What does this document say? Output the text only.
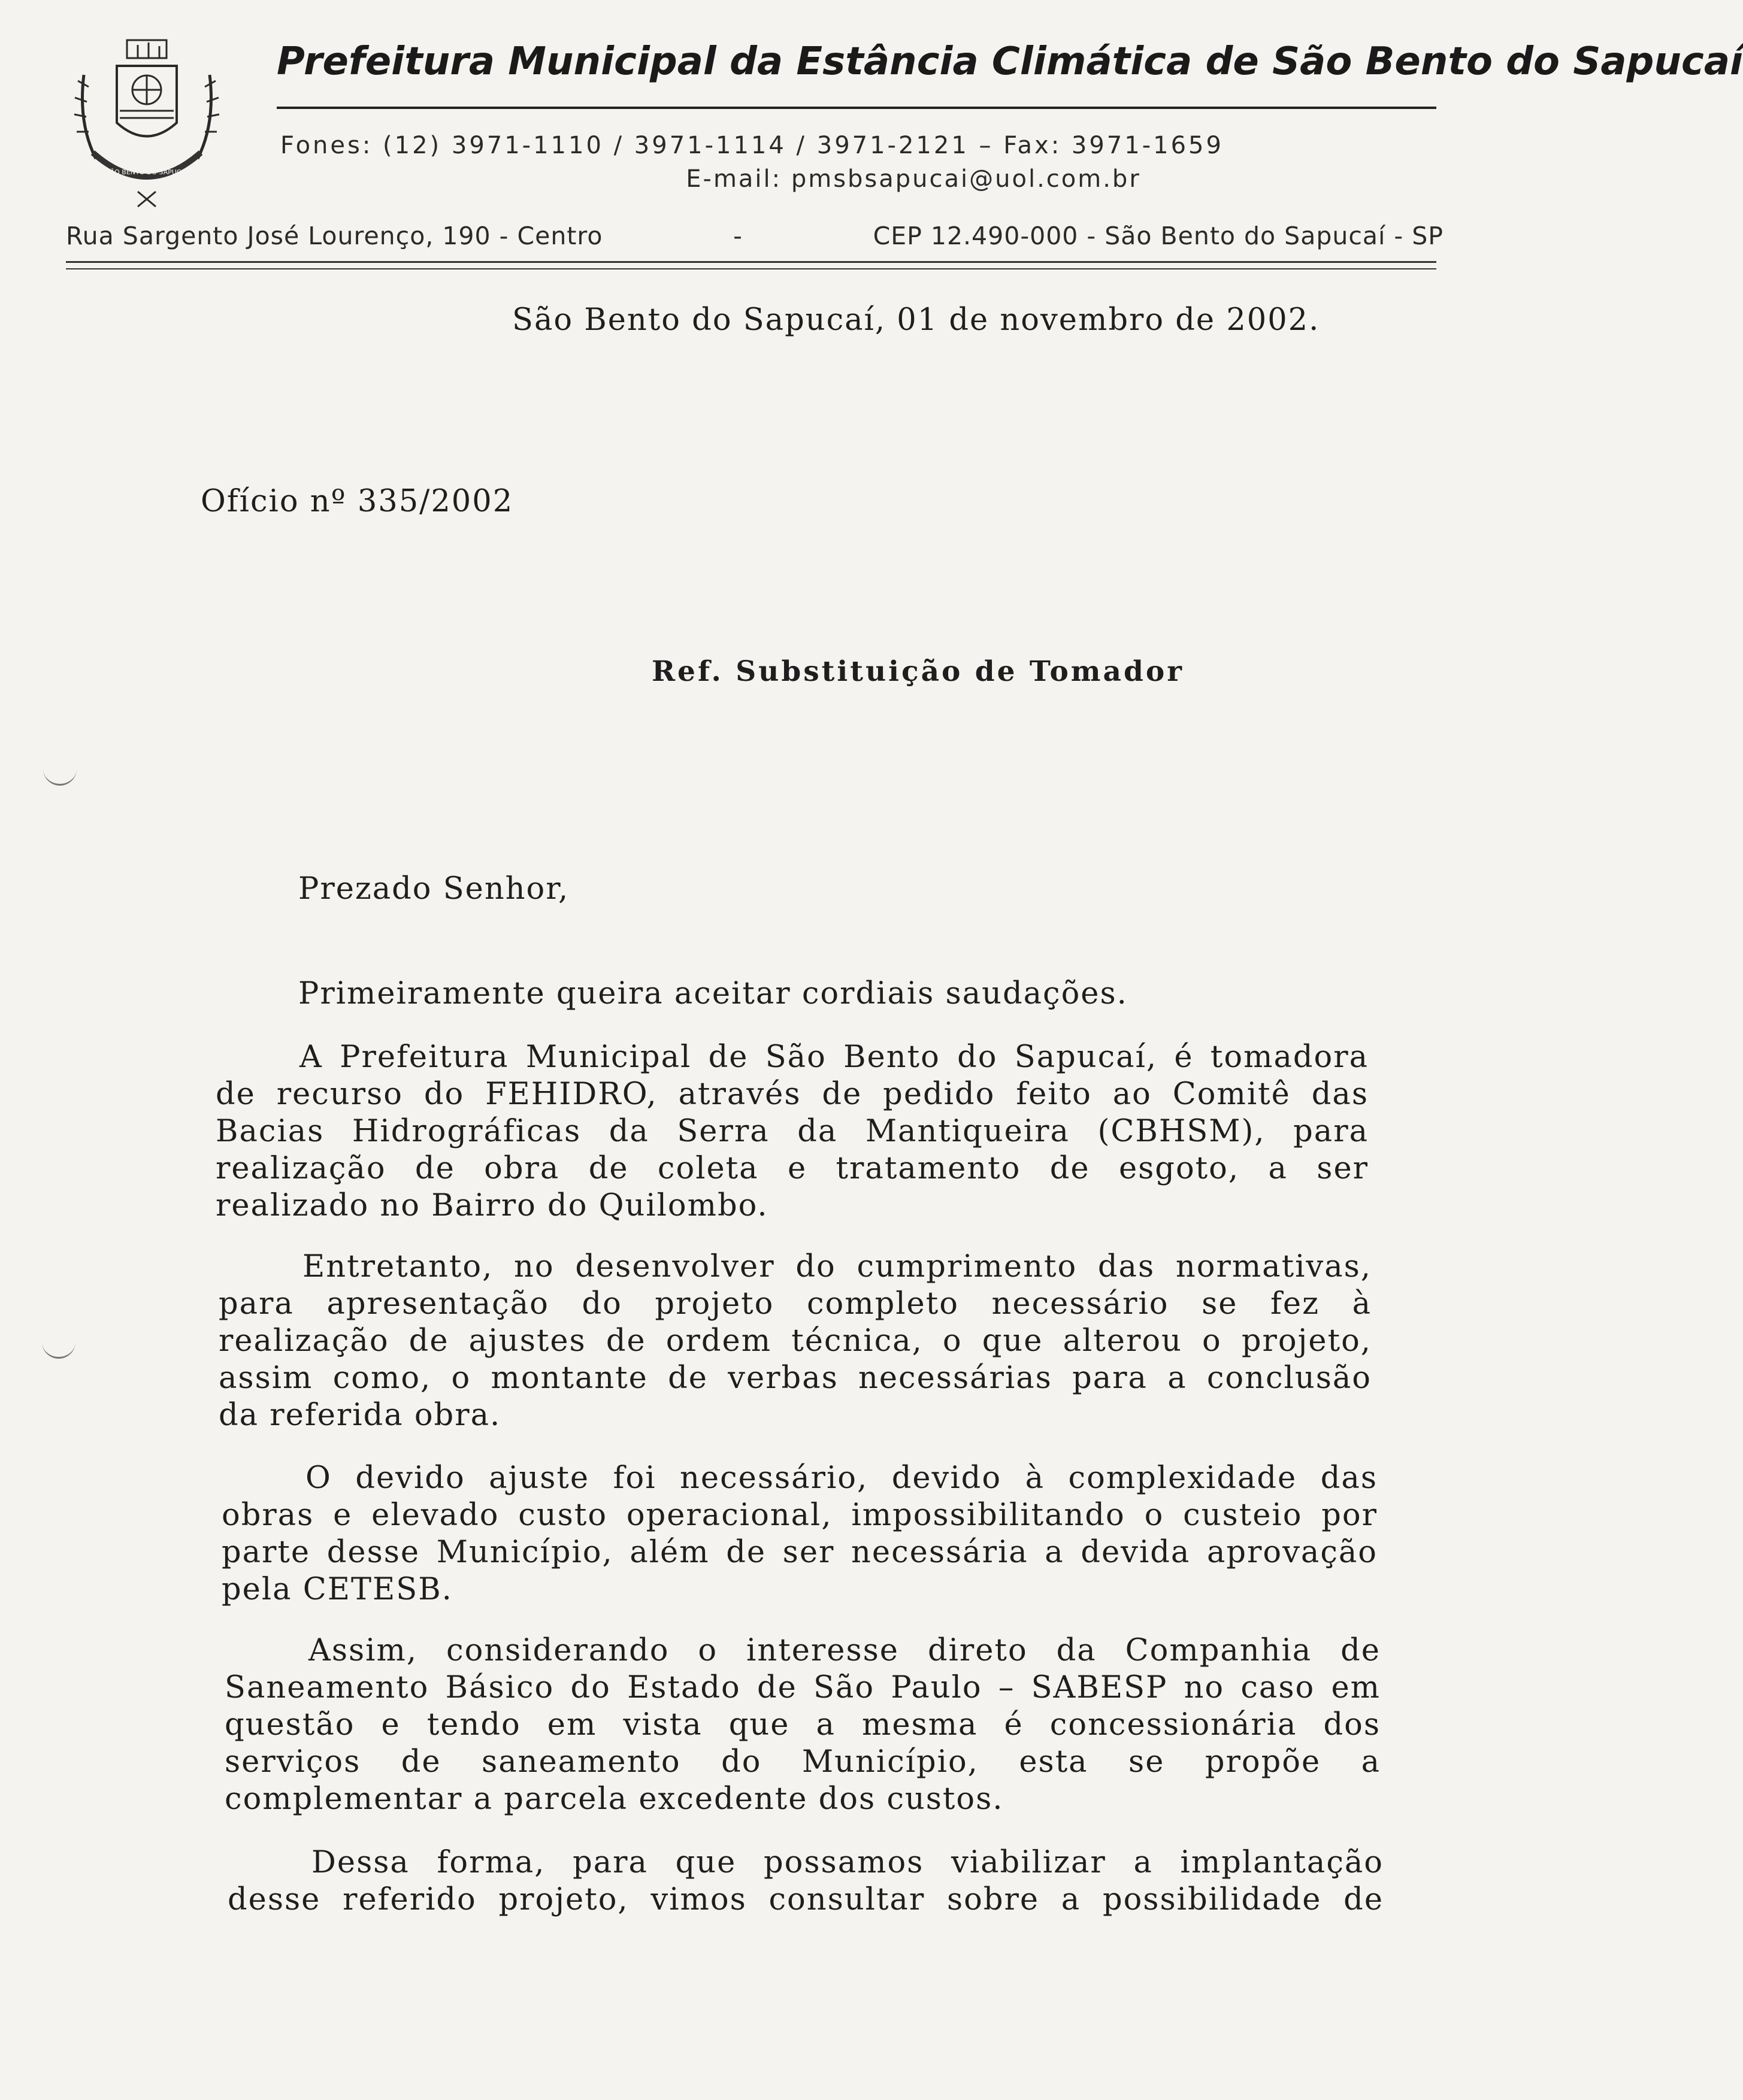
SÃO BENTO DO SAPUCAÍ
Prefeitura Municipal da Estância Climática de São Bento do Sapucaí
Fones: (12) 3971-1110 / 3971-1114 / 3971-2121 – Fax: 3971-1659
E-mail: pmsbsapucai@uol.com.br
Rua Sargento José Lourenço, 190 - Centro	-	CEP 12.490-000 - São Bento do Sapucaí - SP
São Bento do Sapucaí, 01 de novembro de 2002.
Ofício nº 335/2002
Ref. Substituição de Tomador
Prezado Senhor,
Primeiramente queira aceitar cordiais saudações.
A Prefeitura Municipal de São Bento do Sapucaí, é tomadora
de recurso do FEHIDRO, através de pedido feito ao Comitê das
Bacias Hidrográficas da Serra da Mantiqueira (CBHSM), para
realização de obra de coleta e tratamento de esgoto, a ser
realizado no Bairro do Quilombo.
Entretanto, no desenvolver do cumprimento das normativas,
para apresentação do projeto completo necessário se fez à
realização de ajustes de ordem técnica, o que alterou o projeto,
assim como, o montante de verbas necessárias para a conclusão
da referida obra.
O devido ajuste foi necessário, devido à complexidade das
obras e elevado custo operacional, impossibilitando o custeio por
parte desse Município, além de ser necessária a devida aprovação
pela CETESB.
Assim, considerando o interesse direto da Companhia de
Saneamento Básico do Estado de São Paulo – SABESP no caso em
questão e tendo em vista que a mesma é concessionária dos
serviços de saneamento do Município, esta se propõe a
complementar a parcela excedente dos custos.
Dessa forma, para que possamos viabilizar a implantação
desse referido projeto, vimos consultar sobre a possibilidade de
